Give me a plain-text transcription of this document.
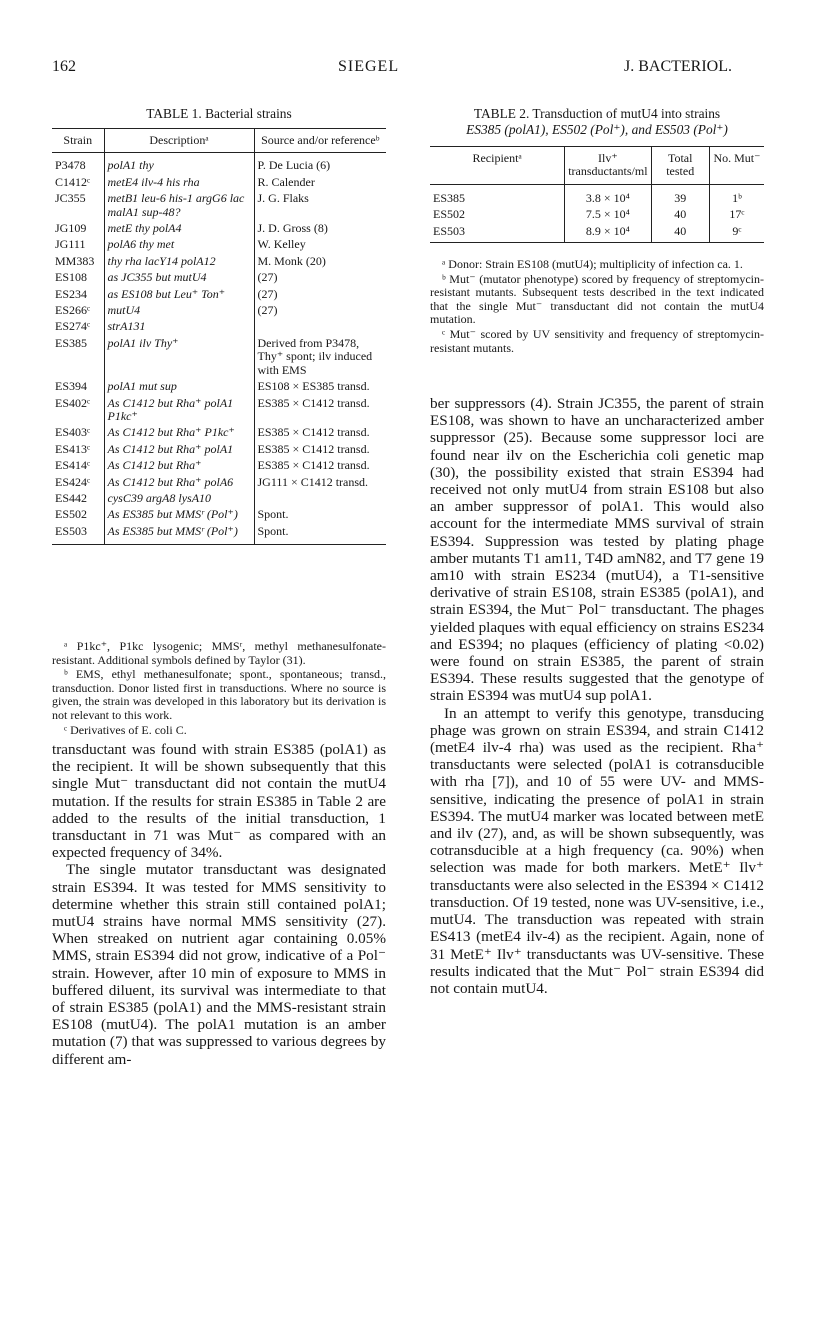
162	SIEGEL	J. BACTERIOL.
TABLE 1. Bacterial strains
Strain	Descriptionᵃ	Source and/or referenceᵇ
P3478	polA1 thy	P. De Lucia (6)
C1412ᶜ	metE4 ilv-4 his rha	R. Calender
JC355	metB1 leu-6 his-1 argG6 lac malA1 sup-48?	J. G. Flaks
JG109	metE thy polA4	J. D. Gross (8)
JG111	polA6 thy met	W. Kelley
MM383	thy rha lacY14 polA12	M. Monk (20)
ES108	as JC355 but mutU4	(27)
ES234	as ES108 but Leu⁺ Ton⁺	(27)
ES266ᶜ	mutU4	(27)
ES274ᶜ	strA131	
ES385	polA1 ilv Thy⁺	Derived from P3478, Thy⁺ spont; ilv induced with EMS
ES394	polA1 mut sup	ES108 × ES385 transd.
ES402ᶜ	As C1412 but Rha⁺ polA1 P1kc⁺	ES385 × C1412 transd.
ES403ᶜ	As C1412 but Rha⁺ P1kc⁺	ES385 × C1412 transd.
ES413ᶜ	As C1412 but Rha⁺ polA1	ES385 × C1412 transd.
ES414ᶜ	As C1412 but Rha⁺	ES385 × C1412 transd.
ES424ᶜ	As C1412 but Rha⁺ polA6	JG111 × C1412 transd.
ES442	cysC39 argA8 lysA10	
ES502	As ES385 but MMSʳ (Pol⁺)	Spont.
ES503	As ES385 but MMSʳ (Pol⁺)	Spont.

ᵃ P1kc⁺, P1kc lysogenic; MMSʳ, methyl methanesulfonate-resistant. Additional symbols defined by Taylor (31).

ᵇ EMS, ethyl methanesulfonate; spont., spontaneous; transd., transduction. Donor listed first in transductions. Where no source is given, the strain was developed in this laboratory but its derivation is not relevant to this work.

ᶜ Derivatives of E. coli C.

transductant was found with strain ES385 (polA1) as the recipient. It will be shown subsequently that this single Mut⁻ transductant did not contain the mutU4 mutation. If the results for strain ES385 in Table 2 are added to the results of the initial transduction, 1 transductant in 71 was Mut⁻ as compared with an expected frequency of 34%.

The single mutator transductant was designated strain ES394. It was tested for MMS sensitivity to determine whether this strain still contained polA1; mutU4 strains have normal MMS sensitivity (27). When streaked on nutrient agar containing 0.05% MMS, strain ES394 did not grow, indicative of a Pol⁻ strain. However, after 10 min of exposure to MMS in buffered diluent, its survival was intermediate to that of strain ES385 (polA1) and the MMS-resistant strain ES108 (mutU4). The polA1 mutation is an amber mutation (7) that was suppressed to various degrees by different am-

TABLE 2. Transduction of mutU4 into strains
ES385 (polA1), ES502 (Pol⁺), and ES503 (Pol⁺)
Recipientᵃ	Ilv⁺ transductants/ml	Total tested	No. Mut⁻
ES385	3.8 × 10⁴	39	1ᵇ
ES502	7.5 × 10⁴	40	17ᶜ
ES503	8.9 × 10⁴	40	9ᶜ

ᵃ Donor: Strain ES108 (mutU4); multiplicity of infection ca. 1.

ᵇ Mut⁻ (mutator phenotype) scored by frequency of streptomycin-resistant mutants. Subsequent tests described in the text indicated that the single Mut⁻ transductant did not contain the mutU4 mutation.

ᶜ Mut⁻ scored by UV sensitivity and frequency of streptomycin-resistant mutants.

ber suppressors (4). Strain JC355, the parent of strain ES108, was shown to have an uncharacterized amber suppressor (25). Because some suppressor loci are found near ilv on the Escherichia coli genetic map (30), the possibility existed that strain ES394 had received not only mutU4 from strain ES108 but also an amber suppressor of polA1. This would also account for the intermediate MMS survival of strain ES394. Suppression was tested by plating phage amber mutants T1 am11, T4D amN82, and T7 gene 19 am10 with strain ES234 (mutU4), a T1-sensitive derivative of strain ES108, strain ES385 (polA1), and strain ES394, the Mut⁻ Pol⁻ transductant. The phages yielded plaques with equal efficiency on strains ES234 and ES394; no plaques (efficiency of plating <0.02) were found on strain ES385, the parent of strain ES394. These results suggested that the genotype of strain ES394 was mutU4 sup polA1.

In an attempt to verify this genotype, transducing phage was grown on strain ES394, and strain C1412 (metE4 ilv-4 rha) was used as the recipient. Rha⁺ transductants were selected (polA1 is cotransducible with rha [7]), and 10 of 55 were UV- and MMS-sensitive, indicating the presence of polA1 in strain ES394. The mutU4 marker was located between metE and ilv (27), and, as will be shown subsequently, was cotransducible at a high frequency (ca. 90%) when selection was made for both markers. MetE⁺ Ilv⁺ transductants were also selected in the ES394 × C1412 transduction. Of 19 tested, none was UV-sensitive, i.e., mutU4. The transduction was repeated with strain ES413 (metE4 ilv-4) as the recipient. Again, none of 31 MetE⁺ Ilv⁺ transductants was UV-sensitive. These results indicated that the Mut⁻ Pol⁻ strain ES394 did not contain mutU4.
